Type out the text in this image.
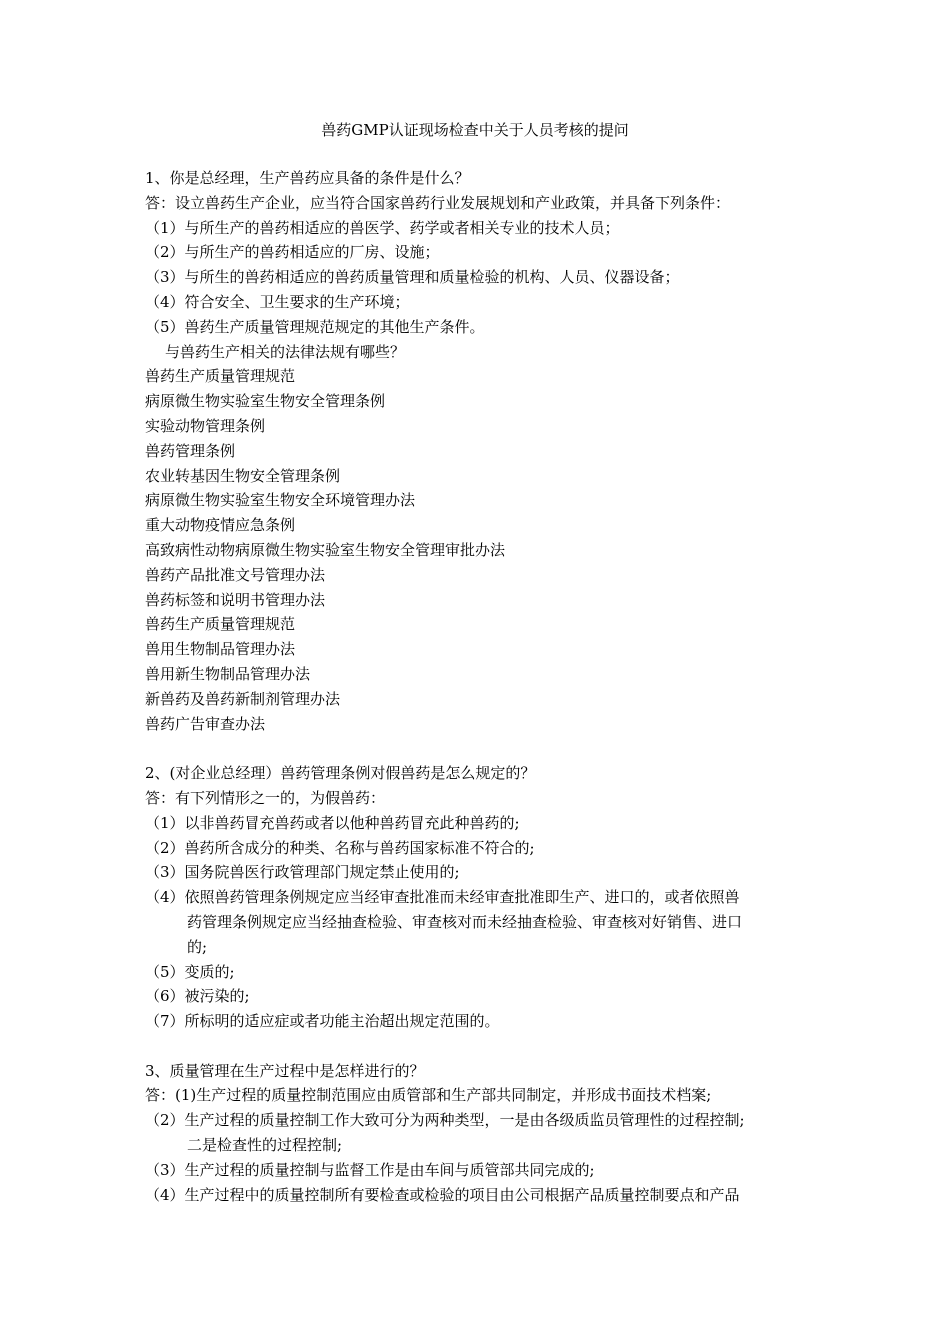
兽药GMP认证现场检查中关于人员考核的提问
1、你是总经理，生产兽药应具备的条件是什么？
答：设立兽药生产企业，应当符合国家兽药行业发展规划和产业政策，并具备下列条件：
（1）与所生产的兽药相适应的兽医学、药学或者相关专业的技术人员；
（2）与所生产的兽药相适应的厂房、设施；
（3）与所生的兽药相适应的兽药质量管理和质量检验的机构、人员、仪器设备；
（4）符合安全、卫生要求的生产环境；
（5）兽药生产质量管理规范规定的其他生产条件。
与兽药生产相关的法律法规有哪些？
兽药生产质量管理规范
病原微生物实验室生物安全管理条例
实验动物管理条例
兽药管理条例
农业转基因生物安全管理条例
病原微生物实验室生物安全环境管理办法
重大动物疫情应急条例
高致病性动物病原微生物实验室生物安全管理审批办法
兽药产品批准文号管理办法
兽药标签和说明书管理办法
兽药生产质量管理规范
兽用生物制品管理办法
兽用新生物制品管理办法
新兽药及兽药新制剂管理办法
兽药广告审查办法
2、(对企业总经理）兽药管理条例对假兽药是怎么规定的？
答：有下列情形之一的，为假兽药：
（1）以非兽药冒充兽药或者以他种兽药冒充此种兽药的;
（2）兽药所含成分的种类、名称与兽药国家标准不符合的;
（3）国务院兽医行政管理部门规定禁止使用的;
（4）依照兽药管理条例规定应当经审查批准而未经审查批准即生产、进口的，或者依照兽
药管理条例规定应当经抽查检验、审查核对而未经抽查检验、审查核对好销售、进口
的;
（5）变质的;
（6）被污染的;
（7）所标明的适应症或者功能主治超出规定范围的。
3、质量管理在生产过程中是怎样进行的？
答：(1)生产过程的质量控制范围应由质管部和生产部共同制定，并形成书面技术档案;
（2）生产过程的质量控制工作大致可分为两种类型，一是由各级质监员管理性的过程控制;
二是检查性的过程控制;
（3）生产过程的质量控制与监督工作是由车间与质管部共同完成的;
（4）生产过程中的质量控制所有要检查或检验的项目由公司根据产品质量控制要点和产品
